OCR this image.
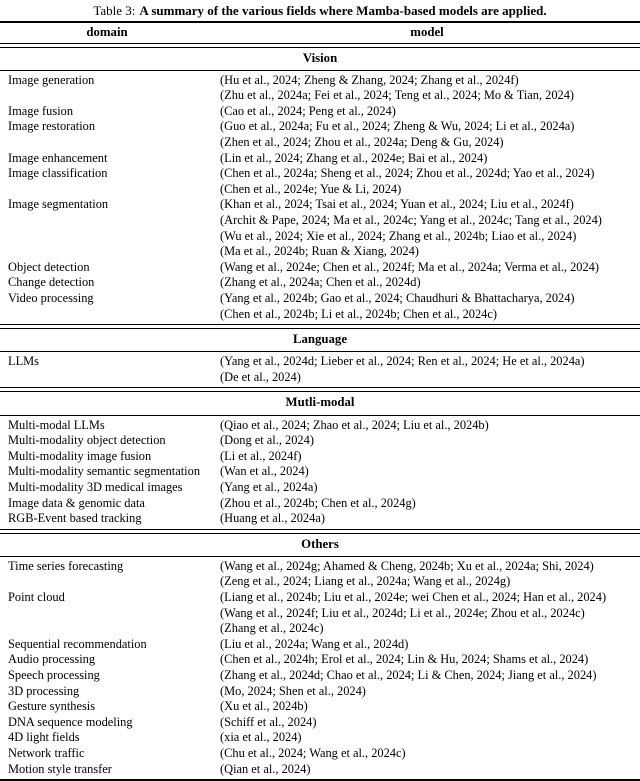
Table 3: A summary of the various fields where Mamba-based models are applied.
domain	model
Vision
Image generation	(Hu et al., 2024; Zheng & Zhang, 2024; Zhang et al., 2024f)
(Zhu et al., 2024a; Fei et al., 2024; Teng et al., 2024; Mo & Tian, 2024)
Image fusion	(Cao et al., 2024; Peng et al., 2024)
Image restoration	(Guo et al., 2024a; Fu et al., 2024; Zheng & Wu, 2024; Li et al., 2024a)
(Zhen et al., 2024; Zhou et al., 2024a; Deng & Gu, 2024)
Image enhancement	(Lin et al., 2024; Zhang et al., 2024e; Bai et al., 2024)
Image classification	(Chen et al., 2024a; Sheng et al., 2024; Zhou et al., 2024d; Yao et al., 2024)
(Chen et al., 2024e; Yue & Li, 2024)
Image segmentation	(Khan et al., 2024; Tsai et al., 2024; Yuan et al., 2024; Liu et al., 2024f)
(Archit & Pape, 2024; Ma et al., 2024c; Yang et al., 2024c; Tang et al., 2024)
(Wu et al., 2024; Xie et al., 2024; Zhang et al., 2024b; Liao et al., 2024)
(Ma et al., 2024b; Ruan & Xiang, 2024)
Object detection	(Wang et al., 2024e; Chen et al., 2024f; Ma et al., 2024a; Verma et al., 2024)
Change detection	(Zhang et al., 2024a; Chen et al., 2024d)
Video processing	(Yang et al., 2024b; Gao et al., 2024; Chaudhuri & Bhattacharya, 2024)
(Chen et al., 2024b; Li et al., 2024b; Chen et al., 2024c)
Language
LLMs	(Yang et al., 2024d; Lieber et al., 2024; Ren et al., 2024; He et al., 2024a)
(De et al., 2024)
Mutli-modal
Multi-modal LLMs	(Qiao et al., 2024; Zhao et al., 2024; Liu et al., 2024b)
Multi-modality object detection	(Dong et al., 2024)
Multi-modality image fusion	(Li et al., 2024f)
Multi-modality semantic segmentation	(Wan et al., 2024)
Multi-modality 3D medical images	(Yang et al., 2024a)
Image data & genomic data	(Zhou et al., 2024b; Chen et al., 2024g)
RGB-Event based tracking	(Huang et al., 2024a)
Others
Time series forecasting	(Wang et al., 2024g; Ahamed & Cheng, 2024b; Xu et al., 2024a; Shi, 2024)
(Zeng et al., 2024; Liang et al., 2024a; Wang et al., 2024g)
Point cloud	(Liang et al., 2024b; Liu et al., 2024e; wei Chen et al., 2024; Han et al., 2024)
(Wang et al., 2024f; Liu et al., 2024d; Li et al., 2024e; Zhou et al., 2024c)
(Zhang et al., 2024c)
Sequential recommendation	(Liu et al., 2024a; Wang et al., 2024d)
Audio processing	(Chen et al., 2024h; Erol et al., 2024; Lin & Hu, 2024; Shams et al., 2024)
Speech processing	(Zhang et al., 2024d; Chao et al., 2024; Li & Chen, 2024; Jiang et al., 2024)
3D processing	(Mo, 2024; Shen et al., 2024)
Gesture synthesis	(Xu et al., 2024b)
DNA sequence modeling	(Schiff et al., 2024)
4D light fields	(xia et al., 2024)
Network traffic	(Chu et al., 2024; Wang et al., 2024c)
Motion style transfer	(Qian et al., 2024)
